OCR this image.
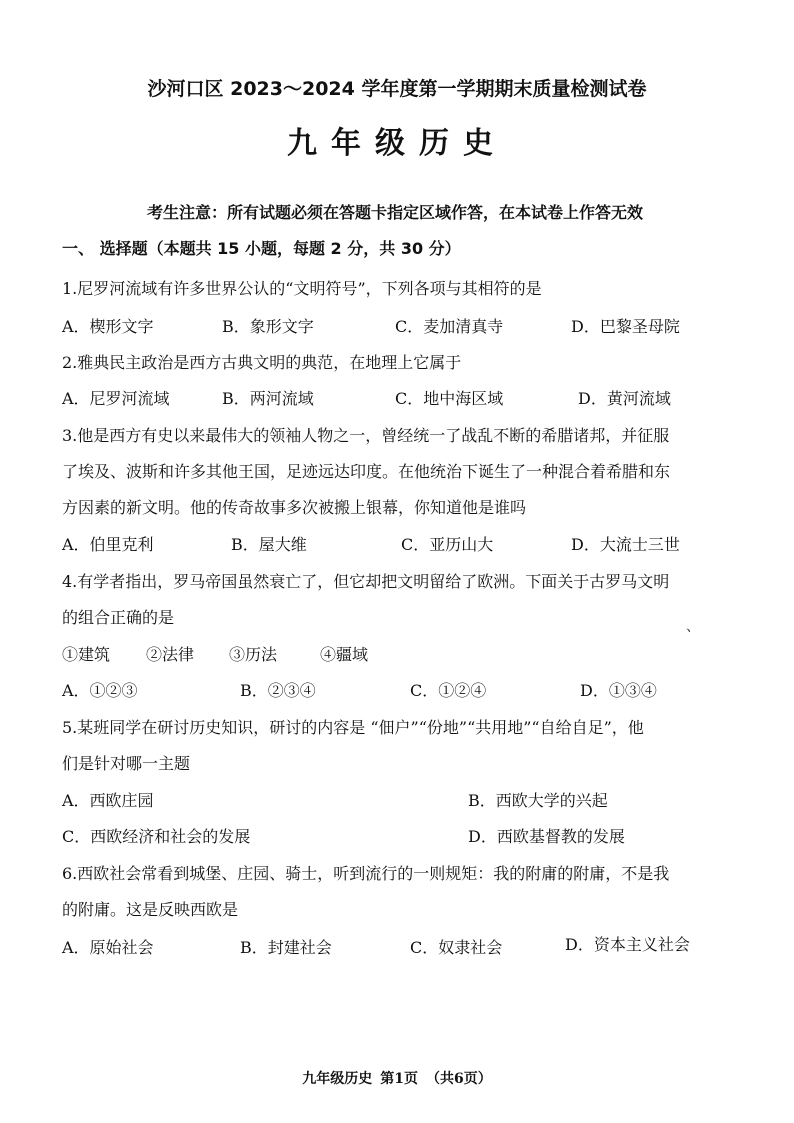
沙河口区 2023～2024 学年度第一学期期末质量检测试卷
九年级历史
考生注意：所有试题必须在答题卡指定区域作答，在本试卷上作答无效
一、 选择题（本题共 15 小题，每题 2 分，共 30 分）
1.尼罗河流域有许多世界公认的“文明符号”，下列各项与其相符的是
A．楔形文字	B．象形文字	C．麦加清真寺	D．巴黎圣母院
2.雅典民主政治是西方古典文明的典范，在地理上它属于
A．尼罗河流域	B．两河流域	C．地中海区域	D．黄河流域
3.他是西方有史以来最伟大的领袖人物之一，曾经统一了战乱不断的希腊诸邦，并征服
了埃及、波斯和许多其他王国，足迹远达印度。在他统治下诞生了一种混合着希腊和东
方因素的新文明。他的传奇故事多次被搬上银幕，你知道他是谁吗
A．伯里克利	B．屋大维	C．亚历山大	D．大流士三世
4.有学者指出，罗马帝国虽然衰亡了，但它却把文明留给了欧洲。下面关于古罗马文明
的组合正确的是	、
①建筑 ②法律 ③历法	④疆域
A．①②③	B．②③④	C．①②④	D．①③④
5.某班同学在研讨历史知识，研讨的内容是 “佃户”“份地”“共用地”“自给自足”，他
们是针对哪一主题
A．西欧庄园	B．西欧大学的兴起
C．西欧经济和社会的发展	D．西欧基督教的发展
6.西欧社会常看到城堡、庄园、骑士，听到流行的一则规矩：我的附庸的附庸，不是我
的附庸。这是反映西欧是
A．原始社会	B．封建社会	C．奴隶社会	D．资本主义社会
九年级历史 第1页 （共6页）
